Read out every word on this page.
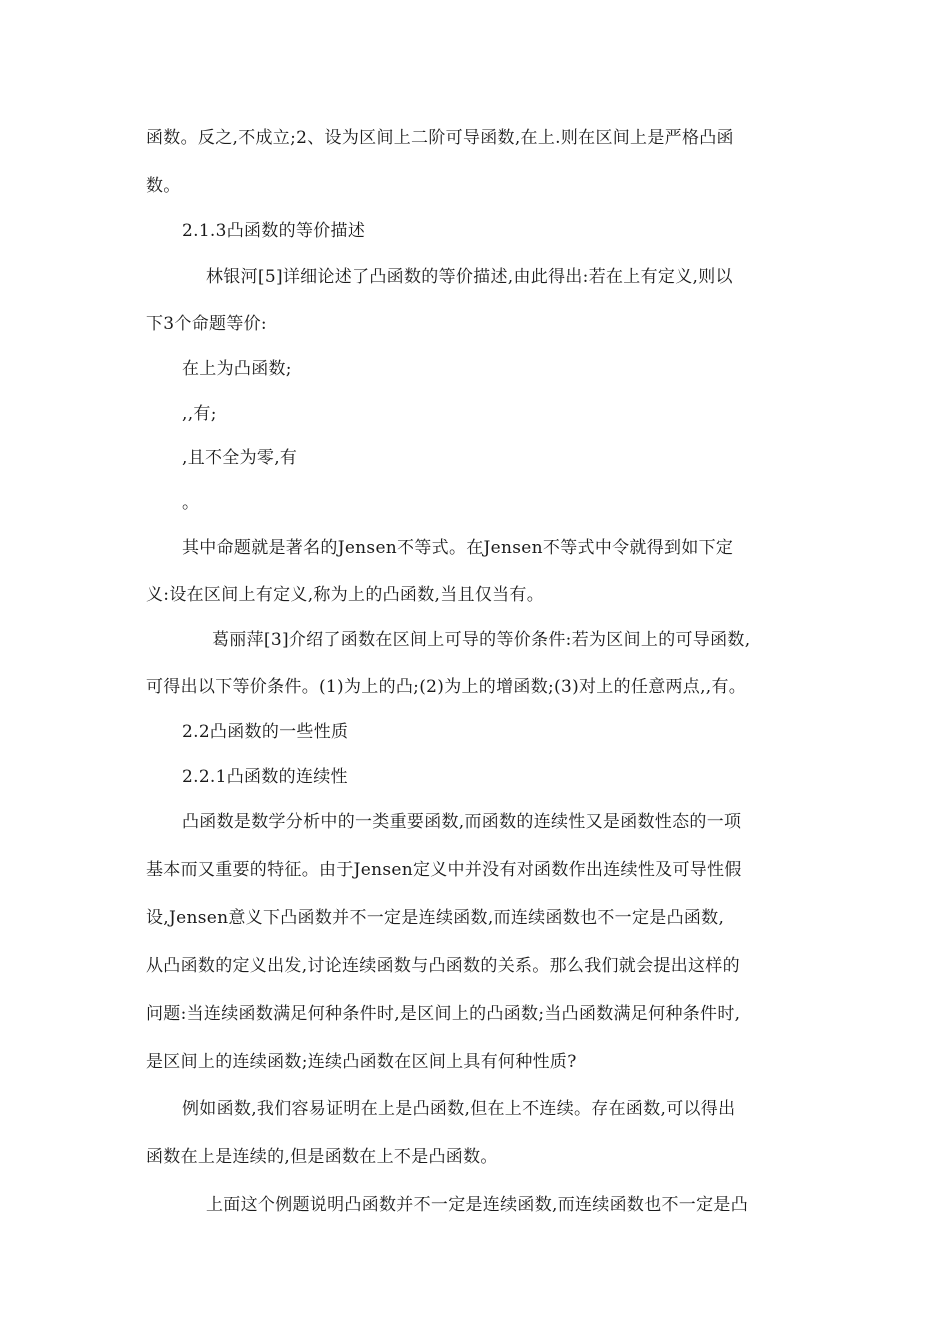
函数。反之,不成立;2、设为区间上二阶可导函数,在上.则在区间上是严格凸函
数。
2.1.3凸函数的等价描述
林银河[5]详细论述了凸函数的等价描述,由此得出:若在上有定义,则以
下3个命题等价:
在上为凸函数;
,,有;
,且不全为零,有
。
其中命题就是著名的Jensen不等式。在Jensen不等式中令就得到如下定
义:设在区间上有定义,称为上的凸函数,当且仅当有。
葛丽萍[3]介绍了函数在区间上可导的等价条件:若为区间上的可导函数,
可得出以下等价条件。(1)为上的凸;(2)为上的增函数;(3)对上的任意两点,,有。
2.2凸函数的一些性质
2.2.1凸函数的连续性
凸函数是数学分析中的一类重要函数,而函数的连续性又是函数性态的一项
基本而又重要的特征。由于Jensen定义中并没有对函数作出连续性及可导性假
设,Jensen意义下凸函数并不一定是连续函数,而连续函数也不一定是凸函数,
从凸函数的定义出发,讨论连续函数与凸函数的关系。那么我们就会提出这样的
问题:当连续函数满足何种条件时,是区间上的凸函数;当凸函数满足何种条件时,
是区间上的连续函数;连续凸函数在区间上具有何种性质?
例如函数,我们容易证明在上是凸函数,但在上不连续。存在函数,可以得出
函数在上是连续的,但是函数在上不是凸函数。
上面这个例题说明凸函数并不一定是连续函数,而连续函数也不一定是凸
